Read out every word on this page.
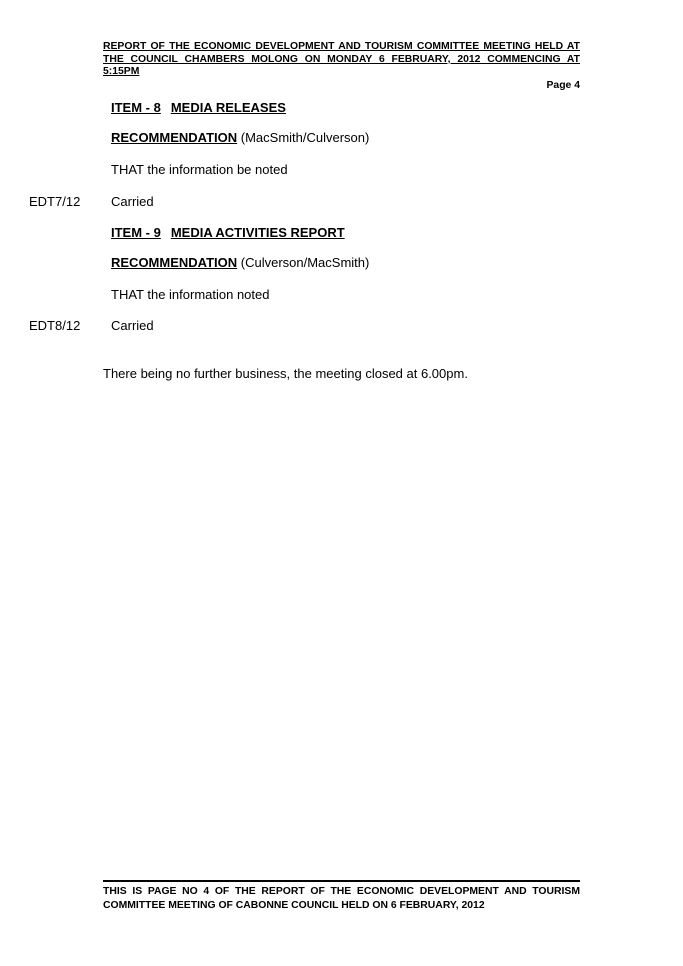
REPORT OF THE ECONOMIC DEVELOPMENT AND TOURISM COMMITTEE MEETING HELD AT THE COUNCIL CHAMBERS MOLONG ON MONDAY 6 FEBRUARY, 2012 COMMENCING AT 5:15PM
Page 4
ITEM - 8 MEDIA RELEASES
RECOMMENDATION (MacSmith/Culverson)
THAT the information be noted
EDT7/12 Carried
ITEM - 9 MEDIA ACTIVITIES REPORT
RECOMMENDATION (Culverson/MacSmith)
THAT the information noted
EDT8/12 Carried
There being no further business, the meeting closed at 6.00pm.
THIS IS PAGE NO 4 OF THE REPORT OF THE ECONOMIC DEVELOPMENT AND TOURISM COMMITTEE MEETING OF CABONNE COUNCIL HELD ON 6 FEBRUARY, 2012
